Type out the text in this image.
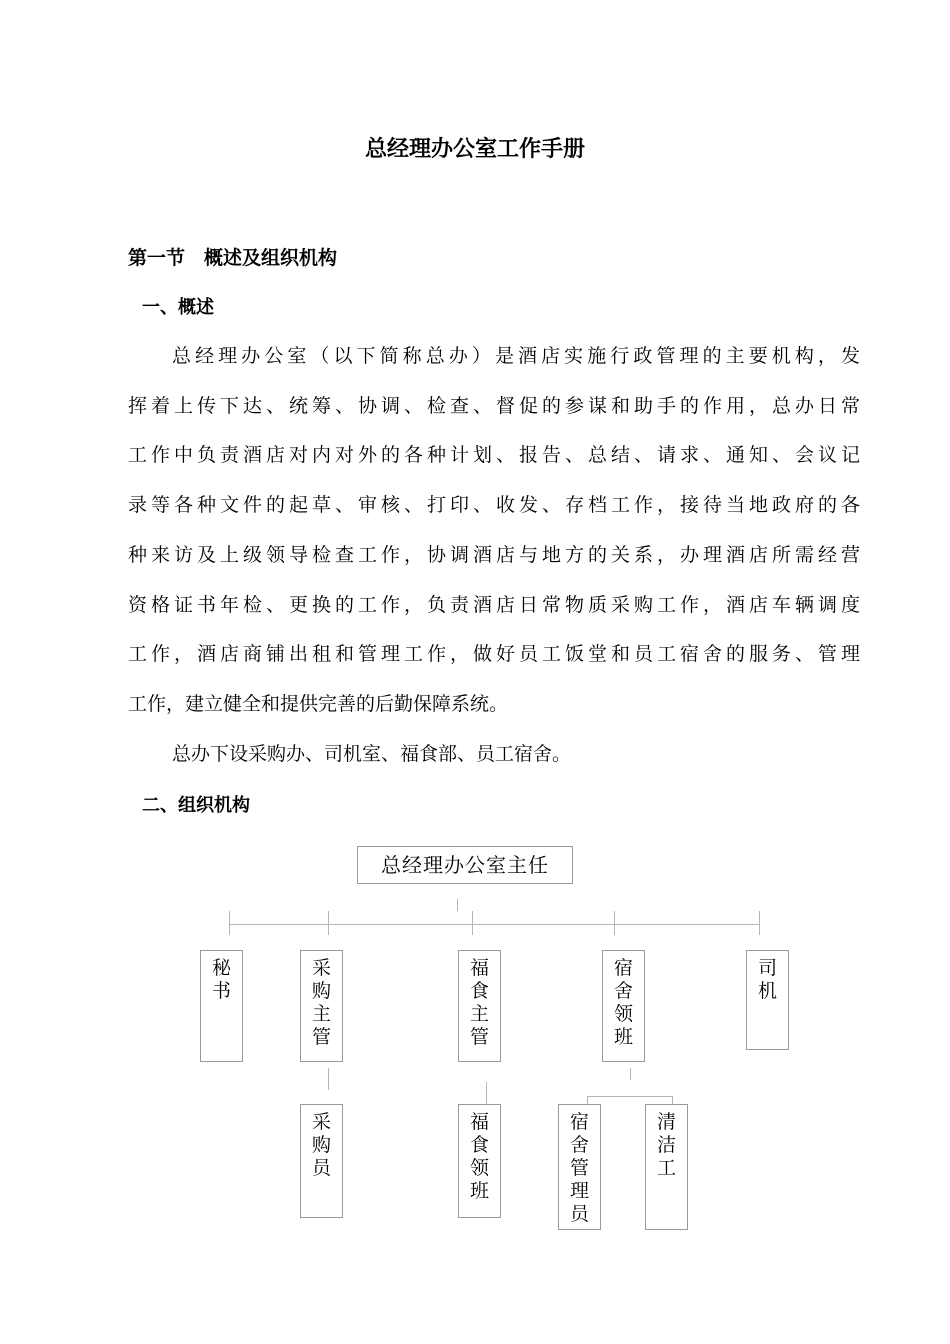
总经理办公室工作手册
第一节　概述及组织机构
一、概述
总经理办公室（以下简称总办）是酒店实施行政管理的主要机构，发
挥着上传下达、统筹、协调、检查、督促的参谋和助手的作用，总办日常
工作中负责酒店对内对外的各种计划、报告、总结、请求、通知、会议记
录等各种文件的起草、审核、打印、收发、存档工作，接待当地政府的各
种来访及上级领导检查工作，协调酒店与地方的关系，办理酒店所需经营
资格证书年检、更换的工作，负责酒店日常物质采购工作，酒店车辆调度
工作，酒店商铺出租和管理工作，做好员工饭堂和员工宿舍的服务、管理
工作，建立健全和提供完善的后勤保障系统。
总办下设采购办、司机室、福食部、员工宿舍。
二、组织机构
总经理办公室主任
秘书
采购主管
福食主管
宿舍领班
司机
采购员
福食领班
宿舍管理员
清洁工
